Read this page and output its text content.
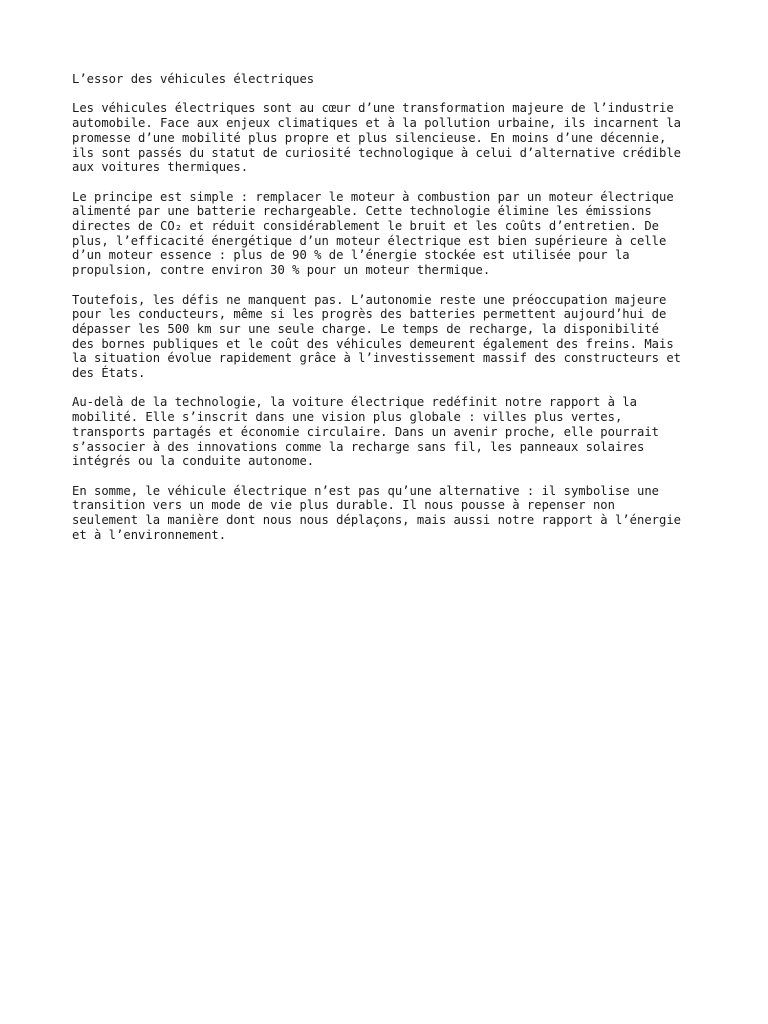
L’essor des véhicules électriques
Les véhicules électriques sont au cœur d’une transformation majeure de l’industrie
automobile. Face aux enjeux climatiques et à la pollution urbaine, ils incarnent la
promesse d’une mobilité plus propre et plus silencieuse. En moins d’une décennie,
ils sont passés du statut de curiosité technologique à celui d’alternative crédible
aux voitures thermiques.
Le principe est simple : remplacer le moteur à combustion par un moteur électrique
alimenté par une batterie rechargeable. Cette technologie élimine les émissions
directes de CO₂ et réduit considérablement le bruit et les coûts d’entretien. De
plus, l’efficacité énergétique d’un moteur électrique est bien supérieure à celle
d’un moteur essence : plus de 90 % de l’énergie stockée est utilisée pour la
propulsion, contre environ 30 % pour un moteur thermique.
Toutefois, les défis ne manquent pas. L’autonomie reste une préoccupation majeure
pour les conducteurs, même si les progrès des batteries permettent aujourd’hui de
dépasser les 500 km sur une seule charge. Le temps de recharge, la disponibilité
des bornes publiques et le coût des véhicules demeurent également des freins. Mais
la situation évolue rapidement grâce à l’investissement massif des constructeurs et
des États.
Au-delà de la technologie, la voiture électrique redéfinit notre rapport à la
mobilité. Elle s’inscrit dans une vision plus globale : villes plus vertes,
transports partagés et économie circulaire. Dans un avenir proche, elle pourrait
s’associer à des innovations comme la recharge sans fil, les panneaux solaires
intégrés ou la conduite autonome.
En somme, le véhicule électrique n’est pas qu’une alternative : il symbolise une
transition vers un mode de vie plus durable. Il nous pousse à repenser non
seulement la manière dont nous nous déplaçons, mais aussi notre rapport à l’énergie
et à l’environnement.
